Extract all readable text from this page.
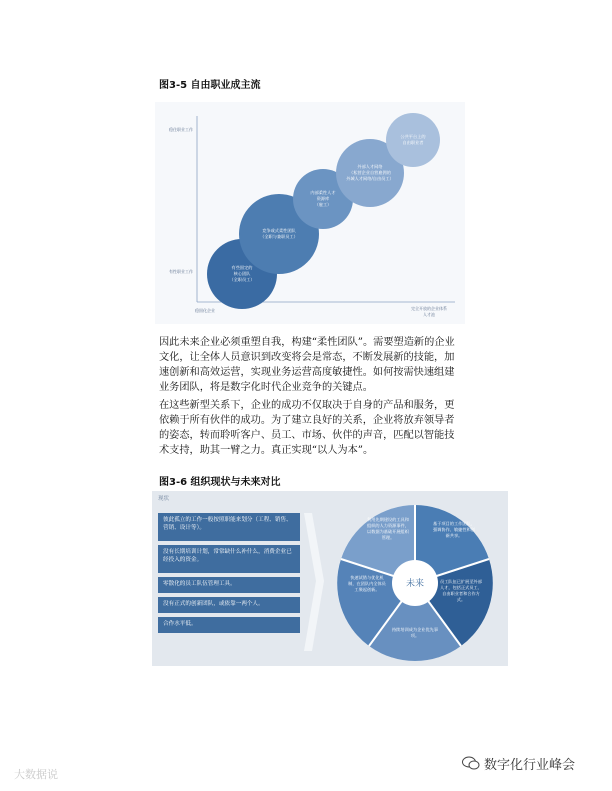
图3-5 自由职业成主流
稳住职业工作
有性职业工作
稳固化企业	完全开放的企业体系
人才池
有些固定的
核心团队
（全职员工）
竞争或式柔性团队
（全职与兼职员工）
内部柔性人才
资源库
（雇工）
外部人才网络
（私营企业自营雇佣的
外城人才网络/自由员工）
公共平台上的
自由职业者
因此未来企业必须重塑自我，构建“柔性团队”。需要塑造新的企业文化，让全体人员意识到改变将会是常态，不断发展新的技能，加速创新和高效运营，实现业务运营高度敏捷性。如何按需快速组建业务团队，将是数字化时代企业竞争的关键点。
在这些新型关系下，企业的成功不仅取决于自身的产品和服务，更依赖于所有伙伴的成功。为了建立良好的关系，企业将放弃领导者的姿态，转而聆听客户、员工、市场、伙伴的声音，匹配以智能技术支持，助其一臂之力。真正实现“以人为本”。
图3-6 组织现状与未来对比
现状
彼此孤立的工作一般按照职能来划分（工程、销售、营销、设计等）。
没有长期培训计划，常常缺什么补什么，消费企业已经投入的资金。
零散化的员工队伍管理工具。
没有正式的创新团队，或依靠一两个人。
合作水平低。
未来
利用先期建设的工具和组织的人力资源事件，以数据为基础开展组织管理。
基于项目的工作团队，强调协作、敏捷性和创新共享。
员工队伍已扩展至外部人才，包括正式员工、自由职业者和合作方式。
持续培训成为企业优先事项。
快速试错与优化机制，在团队内全体员工聚起创新。
大数据说
数字化行业峰会
